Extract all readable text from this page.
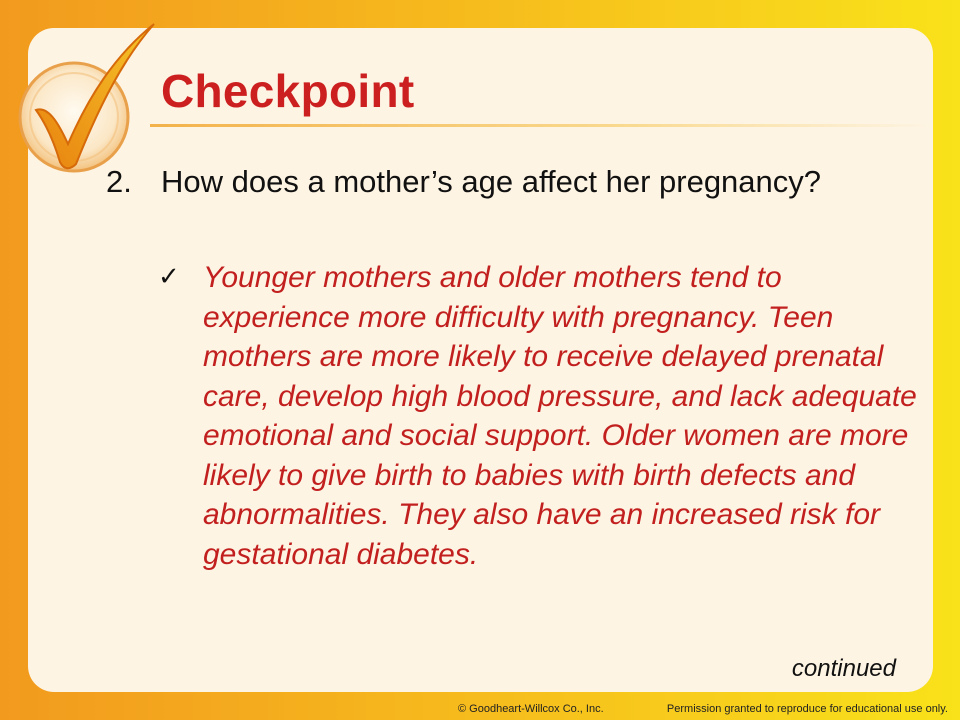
Checkpoint
2. How does a mother’s age affect her pregnancy?
✓ Younger mothers and older mothers tend to experience more difficulty with pregnancy. Teen mothers are more likely to receive delayed prenatal care, develop high blood pressure, and lack adequate emotional and social support. Older women are more likely to give birth to babies with birth defects and abnormalities. They also have an increased risk for gestational diabetes.
continued
© Goodheart-Willcox Co., Inc.	Permission granted to reproduce for educational use only.
